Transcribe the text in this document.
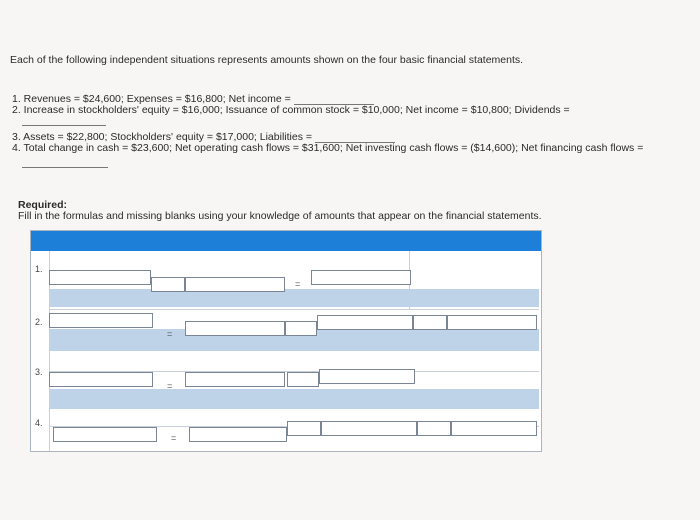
Each of the following independent situations represents amounts shown on the four basic financial statements.
1. Revenues = $24,600; Expenses = $16,800; Net income =
2. Increase in stockholders' equity = $16,000; Issuance of common stock = $10,000; Net income = $10,800; Dividends =
3. Assets = $22,800; Stockholders' equity = $17,000; Liabilities =
4. Total change in cash = $23,600; Net operating cash flows = $31,600; Net investing cash flows = ($14,600); Net financing cash flows =
Required:
Fill in the formulas and missing blanks using your knowledge of amounts that appear on the financial statements.
1.
=
2.
=
3.
=
4.
=
